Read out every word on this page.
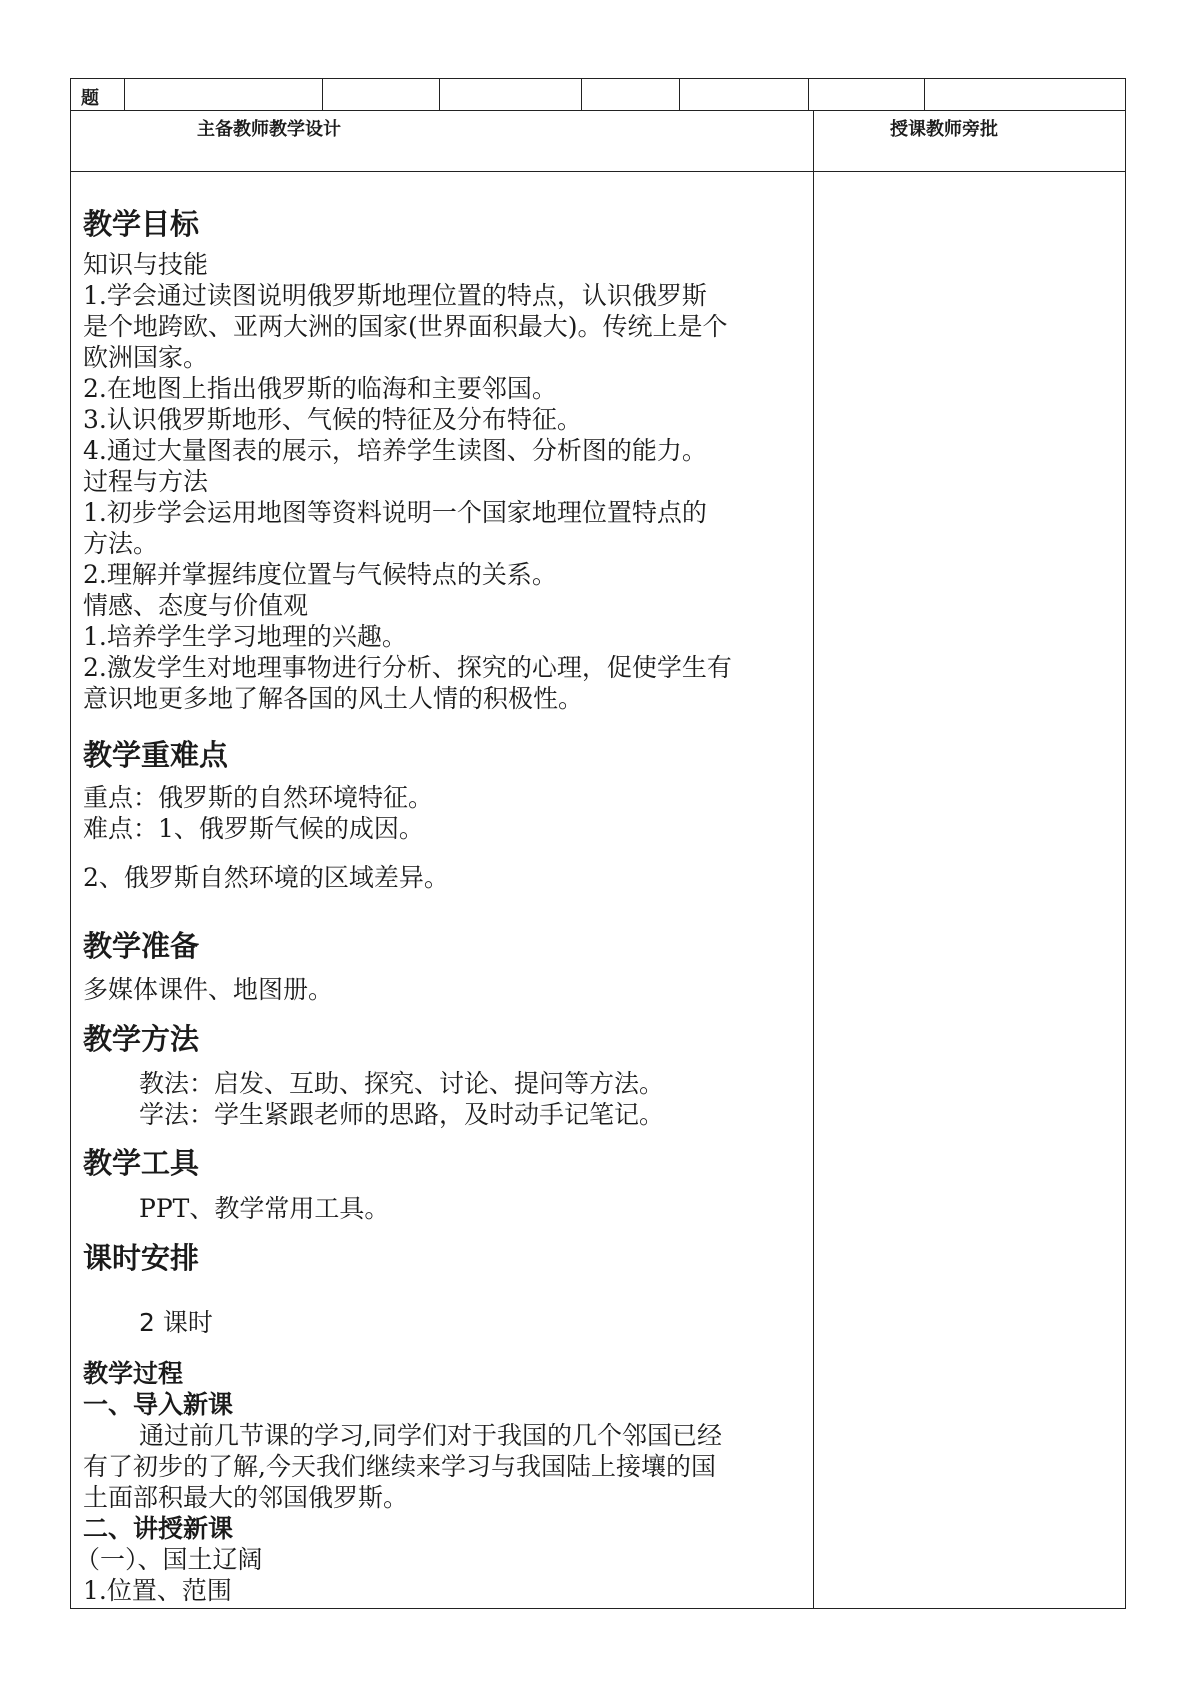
题
主备教师教学设计	授课教师旁批
教学目标
知识与技能
1.学会通过读图说明俄罗斯地理位置的特点，认识俄罗斯
是个地跨欧、亚两大洲的国家(世界面积最大)。传统上是个
欧洲国家。
2.在地图上指出俄罗斯的临海和主要邻国。
3.认识俄罗斯地形、气候的特征及分布特征。
4.通过大量图表的展示，培养学生读图、分析图的能力。
过程与方法
1.初步学会运用地图等资料说明一个国家地理位置特点的
方法。
2.理解并掌握纬度位置与气候特点的关系。
情感、态度与价值观
1.培养学生学习地理的兴趣。
2.激发学生对地理事物进行分析、探究的心理，促使学生有
意识地更多地了解各国的风土人情的积极性。
教学重难点
重点：俄罗斯的自然环境特征。
难点：1、俄罗斯气候的成因。
2、俄罗斯自然环境的区域差异。
教学准备
多媒体课件、地图册。
教学方法
教法：启发、互助、探究、讨论、提问等方法。
学法：学生紧跟老师的思路，及时动手记笔记。
教学工具
PPT、教学常用工具。
课时安排
2 课时
教学过程
一、导入新课
通过前几节课的学习,同学们对于我国的几个邻国已经
有了初步的了解,今天我们继续来学习与我国陆上接壤的国
土面部积最大的邻国俄罗斯。
二、讲授新课
（一）、国土辽阔
1.位置、范围
